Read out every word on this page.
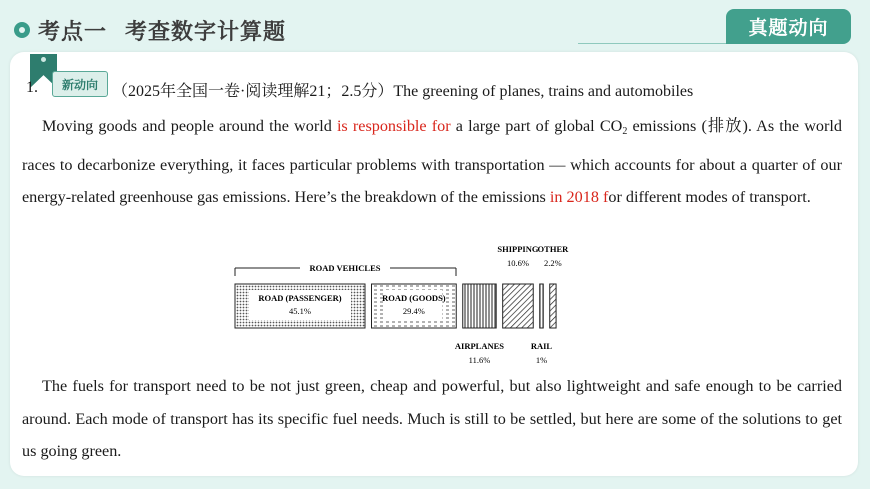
考点一 考查数字计算题	真题动向
1.	新动向 （2025年全国一卷·阅读理解21；2.5分）The greening of planes, trains and automobiles

Moving goods and people around the world is responsible for a large part of global $CO_2$ emissions (排放). As the world races to decarbonize everything, it faces particular problems with transportation — which accounts for about a quarter of our energy-related greenhouse gas emissions. Here’s the breakdown of the emissions in 2018 for different modes of transport.

ROAD VEHICLES
ROAD (PASSENGER)
45.1%
ROAD (GOODS)
29.4%
AIRPLANES
11.6%
SHIPPING
10.6%
RAIL
1%
OTHER
2.2%

The fuels for transport need to be not just green, cheap and powerful, but also lightweight and safe enough to be carried around. Each mode of transport has its specific fuel needs. Much is still to be settled, but here are some of the solutions to get us going green.
